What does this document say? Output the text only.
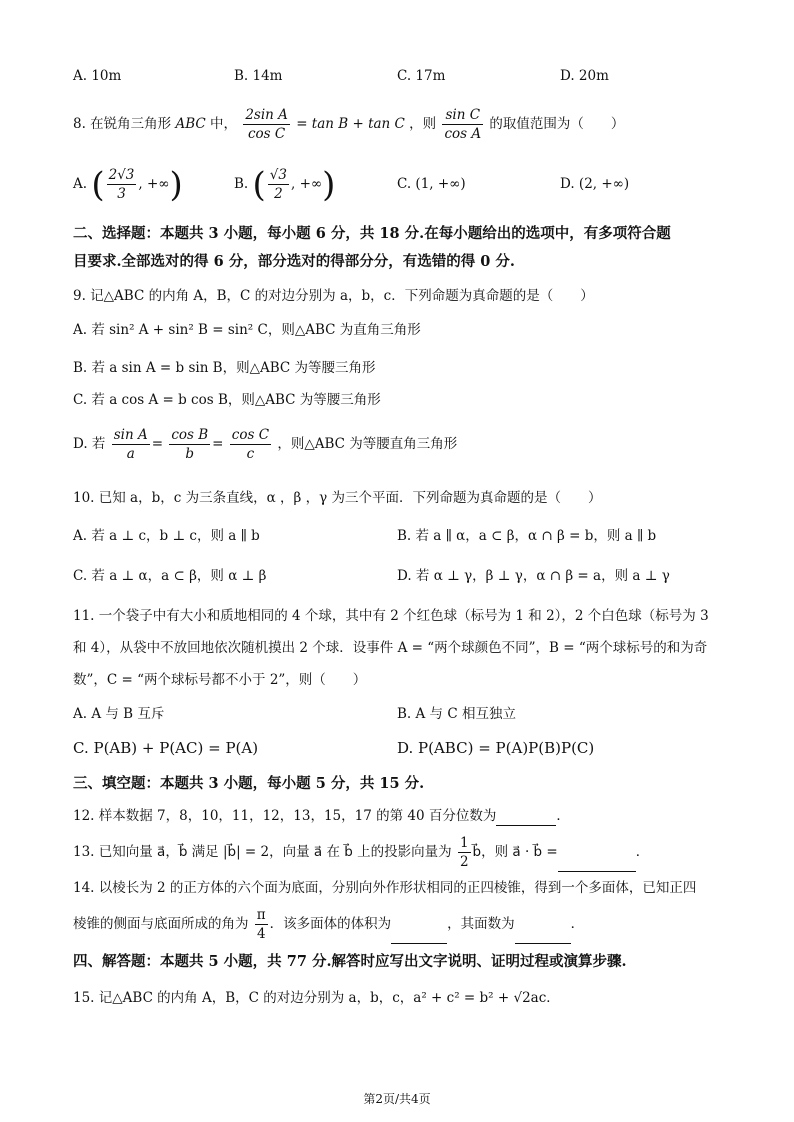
A. 10m	B. 14m	C. 17m	D. 20m
8. 在锐角三角形 ABC 中， $\frac{\text{2sin A}}{\text{cos C}} = \tan B + \tan C$ ，则 $\frac{\text{sin C}}{\text{cos A}}$ 的取值范围为（　　）
A. ( $\frac{2√3}{3}$ , +∞)	B. ( $\frac{√3}{2}$ , +∞)	C. (1, +∞)	D. (2, +∞)
二、选择题：本题共 3 小题，每小题 6 分，共 18 分.在每小题给出的选项中，有多项符合题
目要求.全部选对的得 6 分，部分选对的得部分分，有选错的得 0 分.
9. 记△ABC 的内角 A，B，C 的对边分别为 a，b，c．下列命题为真命题的是（　　）
A. 若 sin² A + sin² B = sin² C，则△ABC 为直角三角形
B. 若 a sin A = b sin B，则△ABC 为等腰三角形
C. 若 a cos A = b cos B，则△ABC 为等腰三角形
D. 若 $\frac{\text{sin A}}{a} = \frac{\text{cos B}}{b} = \frac{\text{cos C}}{c}$ ，则△ABC 为等腰直角三角形
10. 已知 a，b，c 为三条直线，α ，β ，γ 为三个平面．下列命题为真命题的是（　　）
A. 若 a ⊥ c，b ⊥ c，则 a ∥ b	B. 若 a ∥ α，a ⊂ β，α ∩ β = b，则 a ∥ b
C. 若 a ⊥ α，a ⊂ β，则 α ⊥ β	D. 若 α ⊥ γ，β ⊥ γ，α ∩ β = a，则 a ⊥ γ
11. 一个袋子中有大小和质地相同的 4 个球，其中有 2 个红色球（标号为 1 和 2），2 个白色球（标号为 3
和 4），从袋中不放回地依次随机摸出 2 个球．设事件 A = “两个球颜色不同”，B = “两个球标号的和为奇
数”，C = “两个球标号都不小于 2”，则（　　）
A. A 与 B 互斥	B. A 与 C 相互独立
C. P(AB) + P(AC) = P(A)	D. P(ABC) = P(A)P(B)P(C)
三、填空题：本题共 3 小题，每小题 5 分，共 15 分.
12. 样本数据 7，8，10，11，12，13，15，17 的第 40 百分位数为	．
13. 已知向量 a⃗，b⃗ 满足 |b⃗| = 2，向量 a⃗ 在 b⃗ 上的投影向量为 $\frac{1}{2}$ b⃗，则 a⃗ · b⃗ =	．
14. 以棱长为 2 的正方体的六个面为底面，分别向外作形状相同的正四棱锥，得到一个多面体，已知正四
棱锥的侧面与底面所成的角为 $\frac{\pi}{4}$ ．该多面体的体积为	，其面数为	．
四、解答题：本题共 5 小题，共 77 分.解答时应写出文字说明、证明过程或演算步骤.
15. 记△ABC 的内角 A，B，C 的对边分别为 a，b，c，a² + c² = b² + √2ac．
第2页/共4页
